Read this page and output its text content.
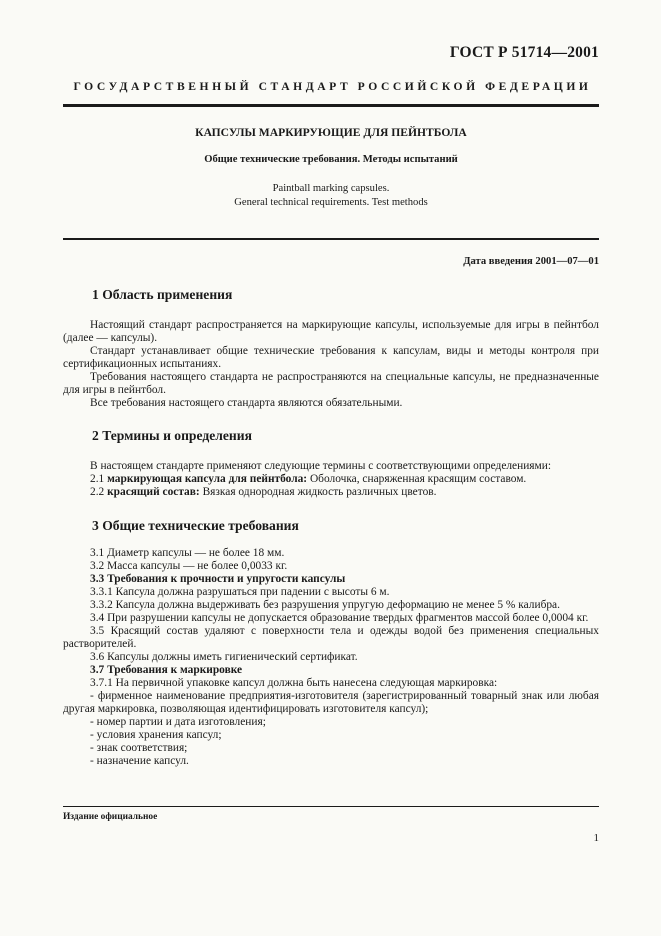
ГОСТ Р 51714—2001
ГОСУДАРСТВЕННЫЙ СТАНДАРТ РОССИЙСКОЙ ФЕДЕРАЦИИ
КАПСУЛЫ МАРКИРУЮЩИЕ ДЛЯ ПЕЙНТБОЛА
Общие технические требования. Методы испытаний
Paintball marking capsules.
General technical requirements. Test methods
Дата введения 2001—07—01
1 Область применения

Настоящий стандарт распространяется на маркирующие капсулы, используемые для игры в пейнтбол (далее — капсулы).

Стандарт устанавливает общие технические требования к капсулам, виды и методы контроля при сертификационных испытаниях.

Требования настоящего стандарта не распространяются на специальные капсулы, не предназначенные для игры в пейнтбол.

Все требования настоящего стандарта являются обязательными.

2 Термины и определения

В настоящем стандарте применяют следующие термины с соответствующими определениями:

2.1 маркирующая капсула для пейнтбола: Оболочка, снаряженная красящим составом.

2.2 красящий состав: Вязкая однородная жидкость различных цветов.

3 Общие технические требования

3.1 Диаметр капсулы — не более 18 мм.

3.2 Масса капсулы — не более 0,0033 кг.

3.3 Требования к прочности и упругости капсулы

3.3.1 Капсула должна разрушаться при падении с высоты 6 м.

3.3.2 Капсула должна выдерживать без разрушения упругую деформацию не менее 5 % калибра.

3.4 При разрушении капсулы не допускается образование твердых фрагментов массой более 0,0004 кг.

3.5 Красящий состав удаляют с поверхности тела и одежды водой без применения специальных растворителей.

3.6 Капсулы должны иметь гигиенический сертификат.

3.7 Требования к маркировке

3.7.1 На первичной упаковке капсул должна быть нанесена следующая маркировка:

- фирменное наименование предприятия-изготовителя (зарегистрированный товарный знак или любая другая маркировка, позволяющая идентифицировать изготовителя капсул);

- номер партии и дата изготовления;

- условия хранения капсул;

- знак соответствия;

- назначение капсул.

Издание официальное
1
